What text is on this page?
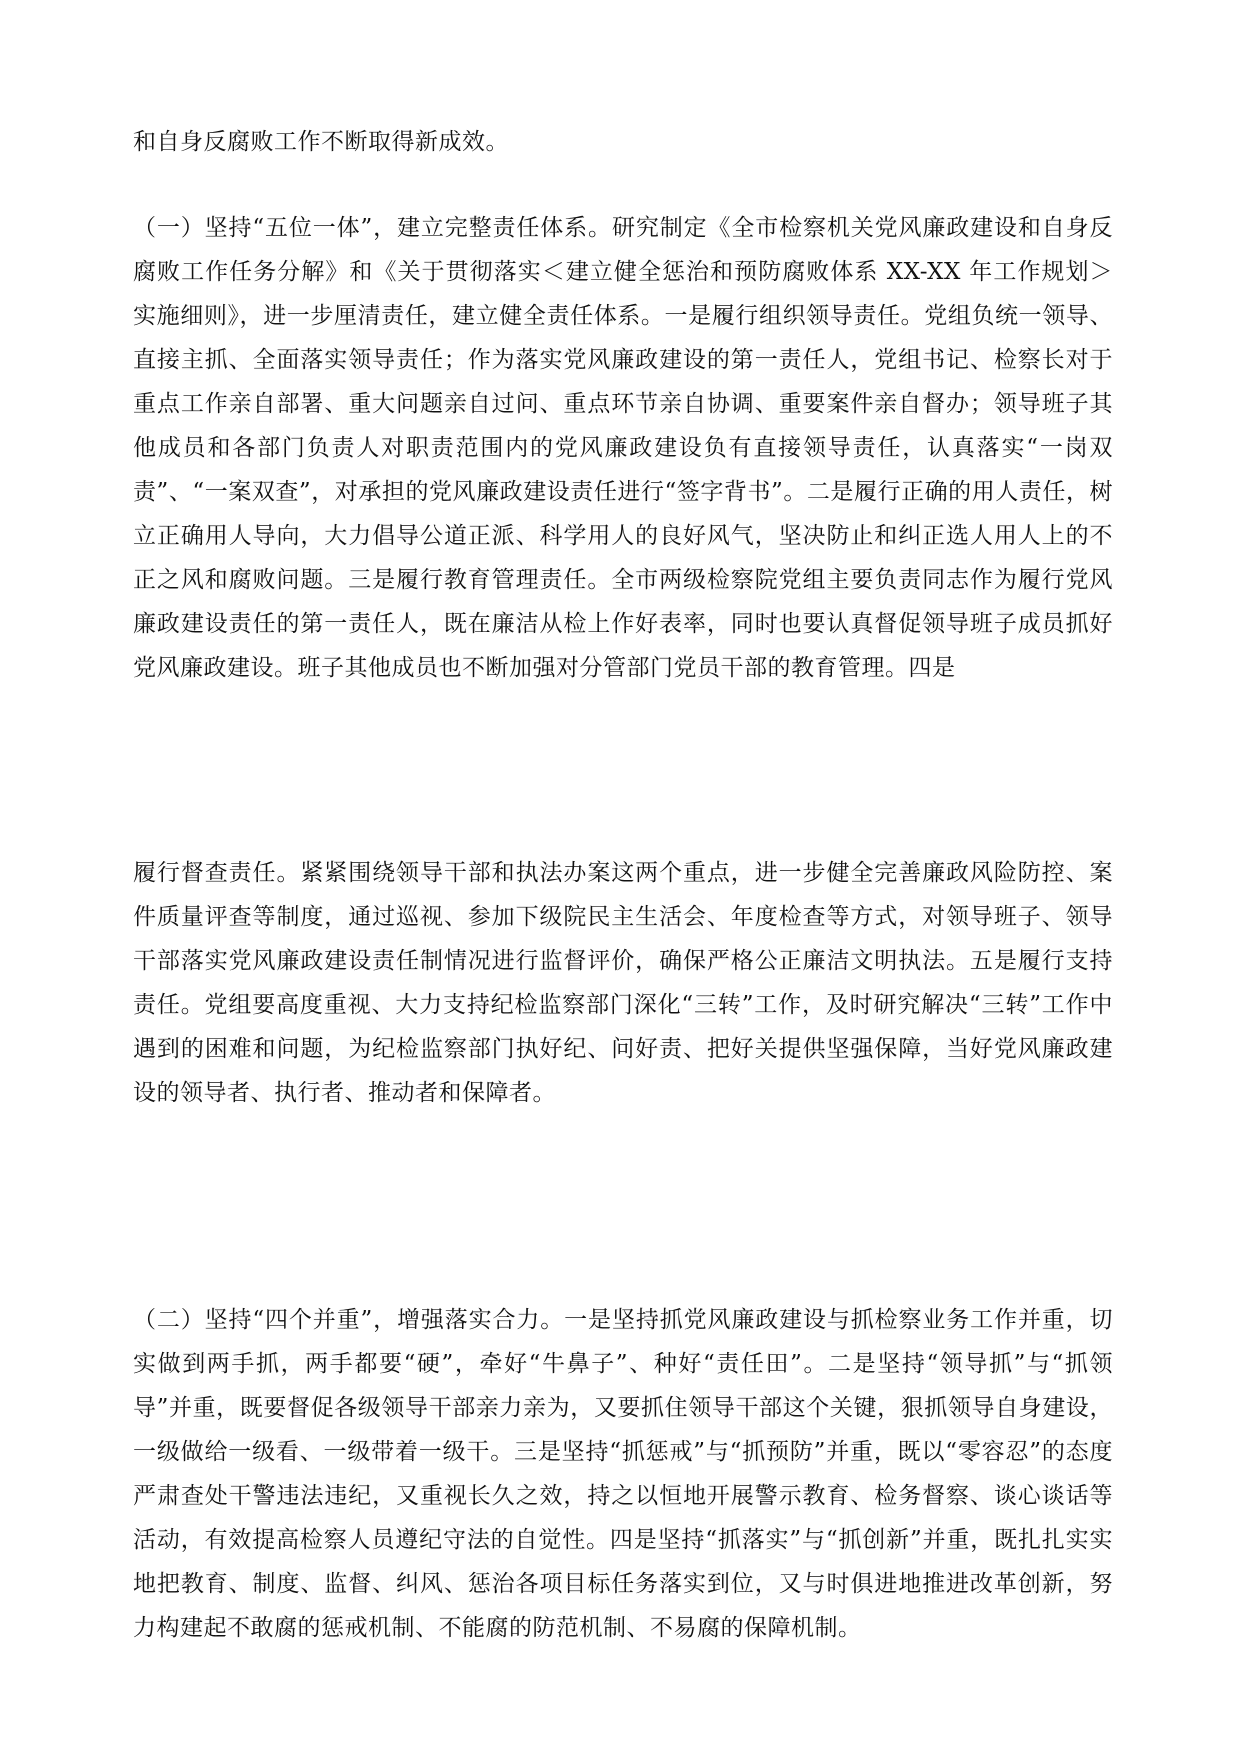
和自身反腐败工作不断取得新成效。

（一）坚持“五位一体”，建立完整责任体系。研究制定《全市检察机关党风廉政建设和自身反腐败工作任务分解》和《关于贯彻落实＜建立健全惩治和预防腐败体系 XX-XX 年工作规划＞实施细则》，进一步厘清责任，建立健全责任体系。一是履行组织领导责任。党组负统一领导、直接主抓、全面落实领导责任；作为落实党风廉政建设的第一责任人，党组书记、检察长对于重点工作亲自部署、重大问题亲自过问、重点环节亲自协调、重要案件亲自督办；领导班子其他成员和各部门负责人对职责范围内的党风廉政建设负有直接领导责任，认真落实“一岗双责”、“一案双查”，对承担的党风廉政建设责任进行“签字背书”。二是履行正确的用人责任，树立正确用人导向，大力倡导公道正派、科学用人的良好风气，坚决防止和纠正选人用人上的不正之风和腐败问题。三是履行教育管理责任。全市两级检察院党组主要负责同志作为履行党风廉政建设责任的第一责任人，既在廉洁从检上作好表率，同时也要认真督促领导班子成员抓好党风廉政建设。班子其他成员也不断加强对分管部门党员干部的教育管理。四是

履行督查责任。紧紧围绕领导干部和执法办案这两个重点，进一步健全完善廉政风险防控、案件质量评查等制度，通过巡视、参加下级院民主生活会、年度检查等方式，对领导班子、领导干部落实党风廉政建设责任制情况进行监督评价，确保严格公正廉洁文明执法。五是履行支持责任。党组要高度重视、大力支持纪检监察部门深化“三转”工作，及时研究解决“三转”工作中遇到的困难和问题，为纪检监察部门执好纪、问好责、把好关提供坚强保障，当好党风廉政建设的领导者、执行者、推动者和保障者。

（二）坚持“四个并重”，增强落实合力。一是坚持抓党风廉政建设与抓检察业务工作并重，切实做到两手抓，两手都要“硬”，牵好“牛鼻子”、种好“责任田”。二是坚持“领导抓”与“抓领导”并重，既要督促各级领导干部亲力亲为，又要抓住领导干部这个关键，狠抓领导自身建设，一级做给一级看、一级带着一级干。三是坚持“抓惩戒”与“抓预防”并重，既以“零容忍”的态度严肃查处干警违法违纪，又重视长久之效，持之以恒地开展警示教育、检务督察、谈心谈话等活动，有效提高检察人员遵纪守法的自觉性。四是坚持“抓落实”与“抓创新”并重，既扎扎实实地把教育、制度、监督、纠风、惩治各项目标任务落实到位，又与时俱进地推进改革创新，努力构建起不敢腐的惩戒机制、不能腐的防范机制、不易腐的保障机制。
